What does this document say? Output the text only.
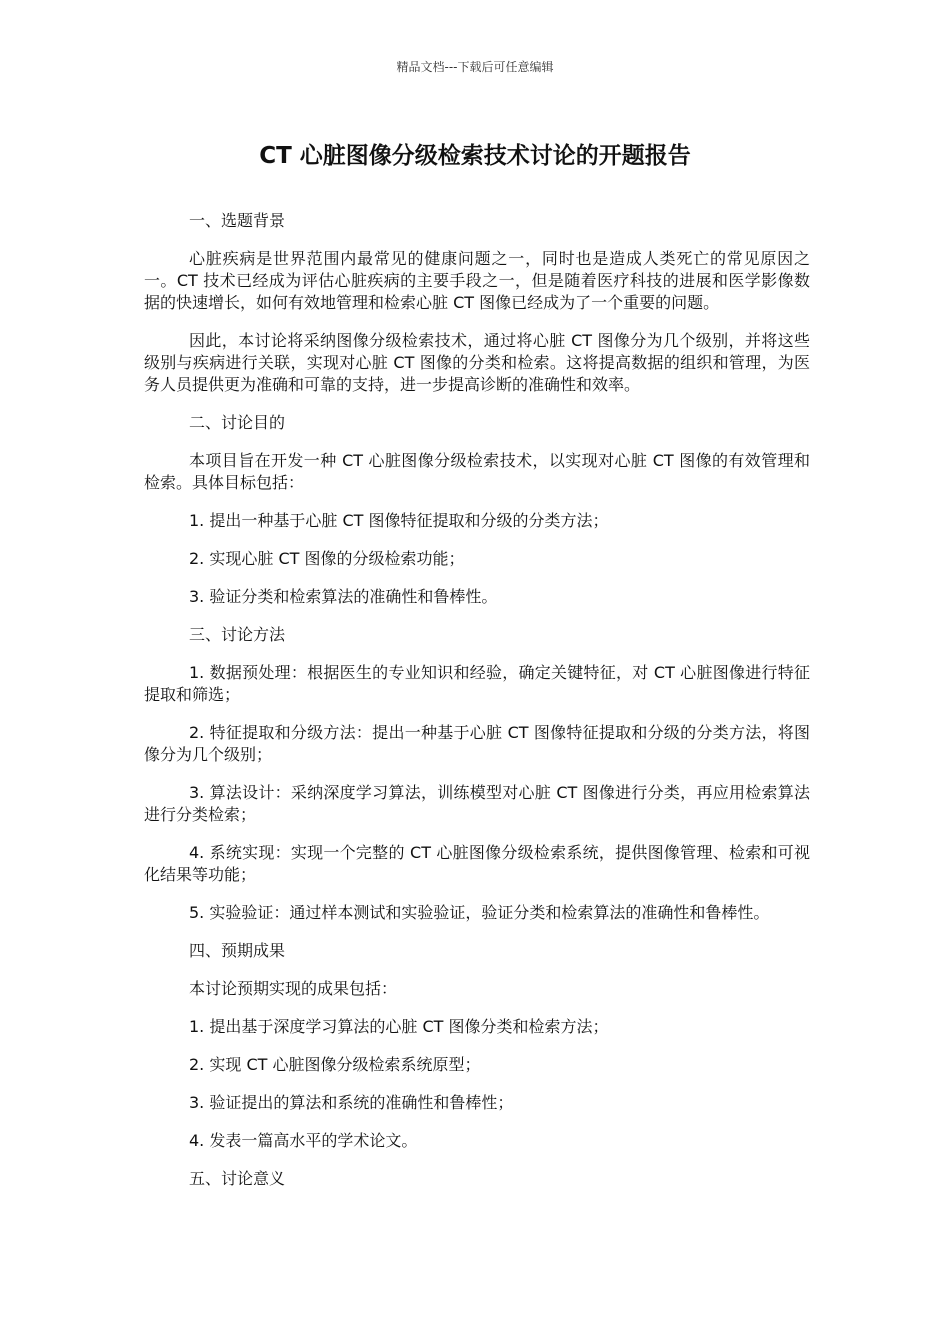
精品文档---下载后可任意编辑
CT 心脏图像分级检索技术讨论的开题报告

一、选题背景

心脏疾病是世界范围内最常见的健康问题之一，同时也是造成人类死亡的常见原因之一。CT 技术已经成为评估心脏疾病的主要手段之一，但是随着医疗科技的进展和医学影像数据的快速增长，如何有效地管理和检索心脏 CT 图像已经成为了一个重要的问题。

因此，本讨论将采纳图像分级检索技术，通过将心脏 CT 图像分为几个级别，并将这些级别与疾病进行关联，实现对心脏 CT 图像的分类和检索。这将提高数据的组织和管理，为医务人员提供更为准确和可靠的支持，进一步提高诊断的准确性和效率。

二、讨论目的

本项目旨在开发一种 CT 心脏图像分级检索技术，以实现对心脏 CT 图像的有效管理和检索。具体目标包括：

1. 提出一种基于心脏 CT 图像特征提取和分级的分类方法；

2. 实现心脏 CT 图像的分级检索功能；

3. 验证分类和检索算法的准确性和鲁棒性。

三、讨论方法

1. 数据预处理：根据医生的专业知识和经验，确定关键特征，对 CT 心脏图像进行特征提取和筛选；

2. 特征提取和分级方法：提出一种基于心脏 CT 图像特征提取和分级的分类方法，将图像分为几个级别；

3. 算法设计：采纳深度学习算法，训练模型对心脏 CT 图像进行分类，再应用检索算法进行分类检索；

4. 系统实现：实现一个完整的 CT 心脏图像分级检索系统，提供图像管理、检索和可视化结果等功能；

5. 实验验证：通过样本测试和实验验证，验证分类和检索算法的准确性和鲁棒性。

四、预期成果

本讨论预期实现的成果包括：

1. 提出基于深度学习算法的心脏 CT 图像分类和检索方法；

2. 实现 CT 心脏图像分级检索系统原型；

3. 验证提出的算法和系统的准确性和鲁棒性；

4. 发表一篇高水平的学术论文。

五、讨论意义
